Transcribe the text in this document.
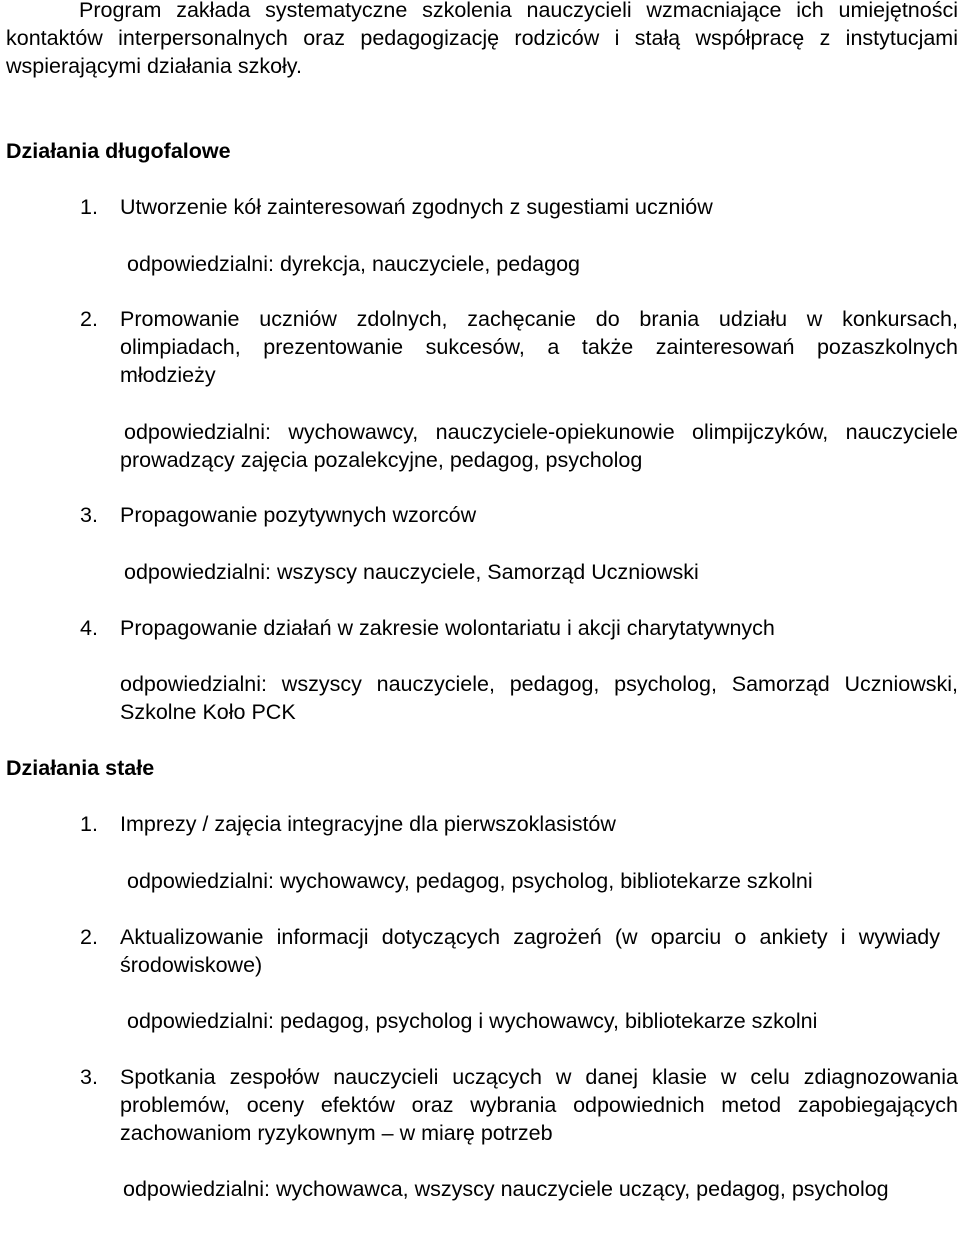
Program zakłada systematyczne szkolenia nauczycieli wzmacniające ich umiejętności kontaktów interpersonalnych oraz pedagogizację rodziców i stałą współpracę z instytucjami wspierającymi działania szkoły.

Działania długofalowe
1. Utworzenie kół zainteresowań zgodnych z sugestiami uczniów

odpowiedzialni: dyrekcja, nauczyciele, pedagog

2. Promowanie uczniów zdolnych, zachęcanie do brania udziału w konkursach, olimpiadach, prezentowanie sukcesów, a także zainteresowań pozaszkolnych młodzieży

odpowiedzialni: wychowawcy, nauczyciele-opiekunowie olimpijczyków, nauczyciele prowadzący zajęcia pozalekcyjne, pedagog, psycholog

3. Propagowanie pozytywnych wzorców

odpowiedzialni: wszyscy nauczyciele, Samorząd Uczniowski

4. Propagowanie działań w zakresie wolontariatu i akcji charytatywnych

odpowiedzialni: wszyscy nauczyciele, pedagog, psycholog, Samorząd Uczniowski, Szkolne Koło PCK

Działania stałe
1. Imprezy / zajęcia integracyjne dla pierwszoklasistów

odpowiedzialni: wychowawcy, pedagog, psycholog, bibliotekarze szkolni

2. Aktualizowanie informacji dotyczących zagrożeń (w oparciu o ankiety i wywiady środowiskowe)

odpowiedzialni: pedagog, psycholog i wychowawcy, bibliotekarze szkolni

3. Spotkania zespołów nauczycieli uczących w danej klasie w celu zdiagnozowania problemów, oceny efektów oraz wybrania odpowiednich metod zapobiegających zachowaniom ryzykownym – w miarę potrzeb

odpowiedzialni: wychowawca, wszyscy nauczyciele uczący, pedagog, psycholog
